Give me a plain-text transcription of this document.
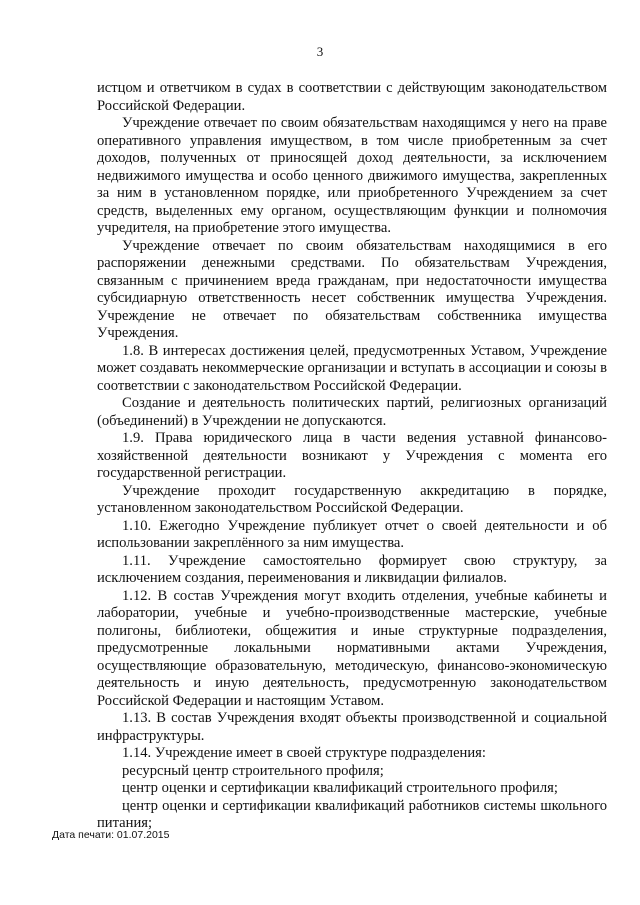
3

истцом и ответчиком в судах в соответствии с действующим законодательством Российской Федерации.

Учреждение отвечает по своим обязательствам находящимся у него на праве оперативного управления имуществом, в том числе приобретенным за счет доходов, полученных от приносящей доход деятельности, за исключением недвижимого имущества и особо ценного движимого имущества, закрепленных за ним в установленном порядке, или приобретенного Учреждением за счет средств, выделенных ему органом, осуществляющим функции и полномочия учредителя, на приобретение этого имущества.

Учреждение отвечает по своим обязательствам находящимися в его распоряжении денежными средствами. По обязательствам Учреждения, связанным с причинением вреда гражданам, при недостаточности имущества субсидиарную ответственность несет собственник имущества Учреждения. Учреждение не отвечает по обязательствам собственника имущества Учреждения.

1.8. В интересах достижения целей, предусмотренных Уставом, Учреждение может создавать некоммерческие организации и вступать в ассоциации и союзы в соответствии с законодательством Российской Федерации.

Создание и деятельность политических партий, религиозных организаций (объединений) в Учреждении не допускаются.

1.9. Права юридического лица в части ведения уставной финансово-хозяйственной деятельности возникают у Учреждения с момента его государственной регистрации.

Учреждение проходит государственную аккредитацию в порядке, установленном законодательством Российской Федерации.

1.10. Ежегодно Учреждение публикует отчет о своей деятельности и об использовании закреплённого за ним имущества.

1.11. Учреждение самостоятельно формирует свою структуру, за исключением создания, переименования и ликвидации филиалов.

1.12. В состав Учреждения могут входить отделения, учебные кабинеты и лаборатории, учебные и учебно-производственные мастерские, учебные полигоны, библиотеки, общежития и иные структурные подразделения, предусмотренные локальными нормативными актами Учреждения, осуществляющие образовательную, методическую, финансово-экономическую деятельность и иную деятельность, предусмотренную законодательством Российской Федерации и настоящим Уставом.

1.13. В состав Учреждения входят объекты производственной и социальной инфраструктуры.

1.14. Учреждение имеет в своей структуре подразделения:

ресурсный центр строительного профиля;

центр оценки и сертификации квалификаций строительного профиля;

центр оценки и сертификации квалификаций работников системы школьного питания;

Дата печати: 01.07.2015
